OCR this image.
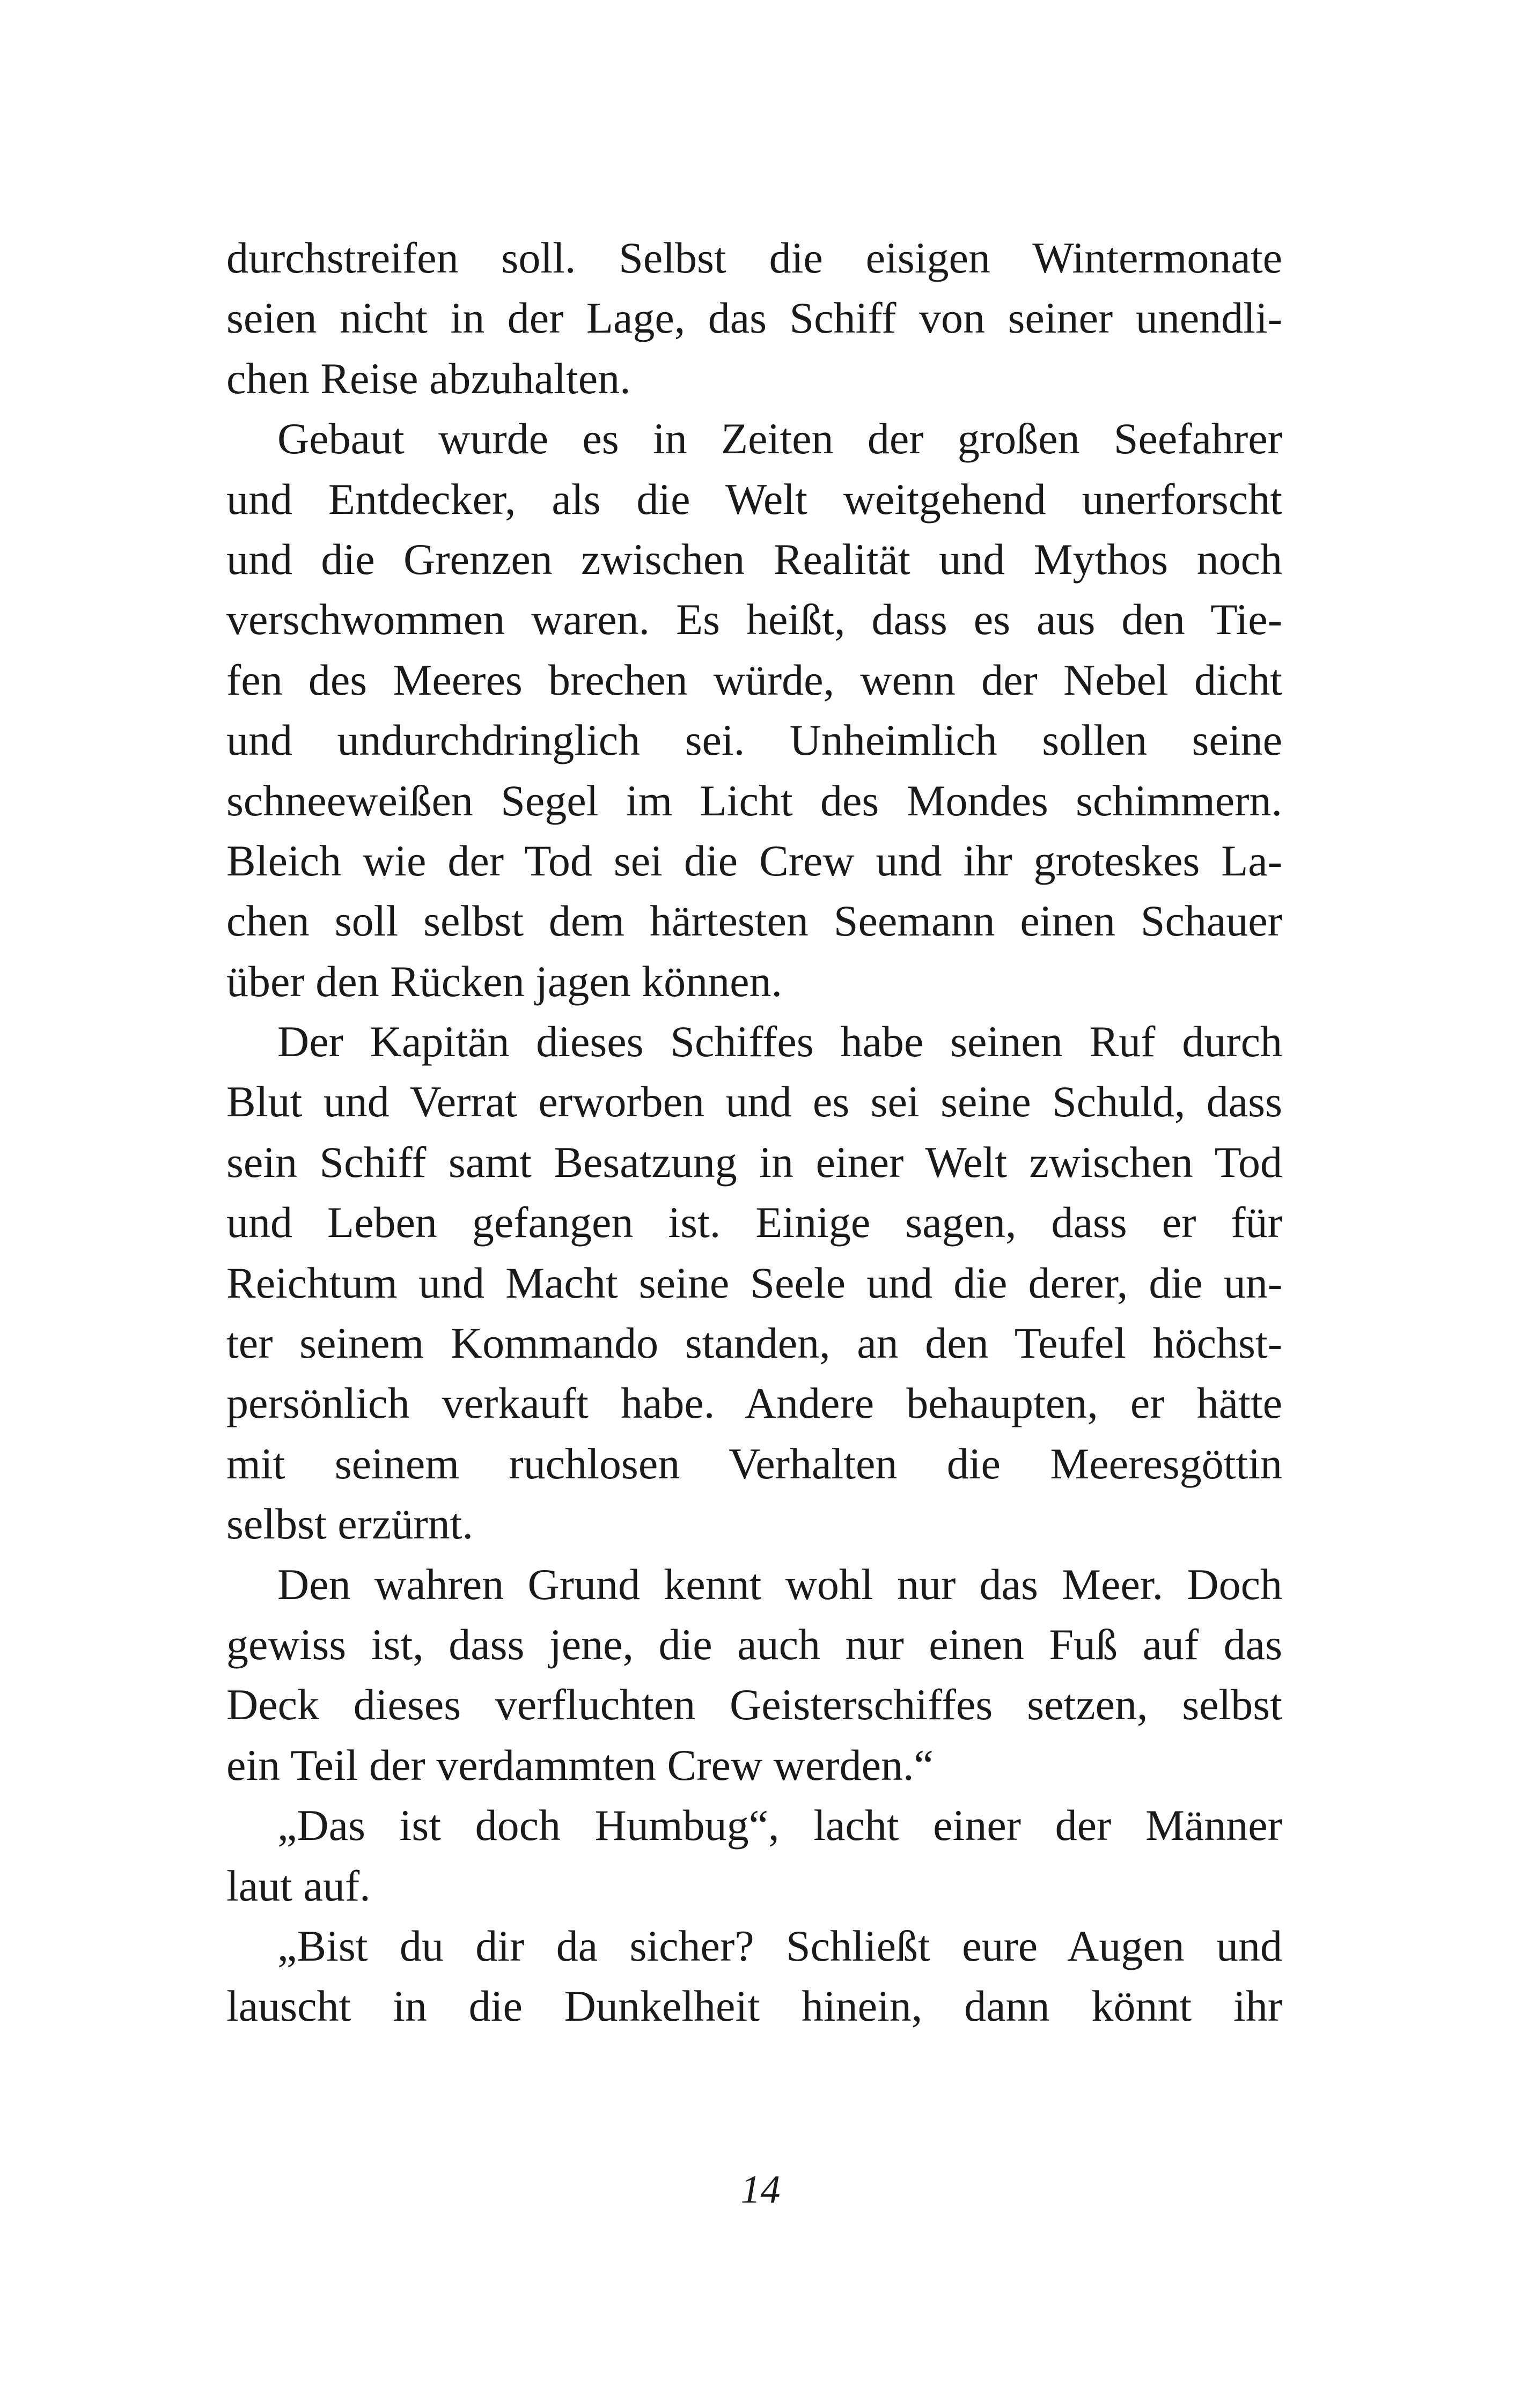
durchstreifen soll. Selbst die eisigen Wintermonate
seien nicht in der Lage, das Schiff von seiner unendli-
chen Reise abzuhalten.
Gebaut wurde es in Zeiten der großen Seefahrer
und Entdecker, als die Welt weitgehend unerforscht
und die Grenzen zwischen Realität und Mythos noch
verschwommen waren. Es heißt, dass es aus den Tie-
fen des Meeres brechen würde, wenn der Nebel dicht
und undurchdringlich sei. Unheimlich sollen seine
schneeweißen Segel im Licht des Mondes schimmern.
Bleich wie der Tod sei die Crew und ihr groteskes La-
chen soll selbst dem härtesten Seemann einen Schauer
über den Rücken jagen können.
Der Kapitän dieses Schiffes habe seinen Ruf durch
Blut und Verrat erworben und es sei seine Schuld, dass
sein Schiff samt Besatzung in einer Welt zwischen Tod
und Leben gefangen ist. Einige sagen, dass er für
Reichtum und Macht seine Seele und die derer, die un-
ter seinem Kommando standen, an den Teufel höchst-
persönlich verkauft habe. Andere behaupten, er hätte
mit seinem ruchlosen Verhalten die Meeresgöttin
selbst erzürnt.
Den wahren Grund kennt wohl nur das Meer. Doch
gewiss ist, dass jene, die auch nur einen Fuß auf das
Deck dieses verfluchten Geisterschiffes setzen, selbst
ein Teil der verdammten Crew werden.“
„Das ist doch Humbug“, lacht einer der Männer
laut auf.
„Bist du dir da sicher? Schließt eure Augen und
lauscht in die Dunkelheit hinein, dann könnt ihr
14
